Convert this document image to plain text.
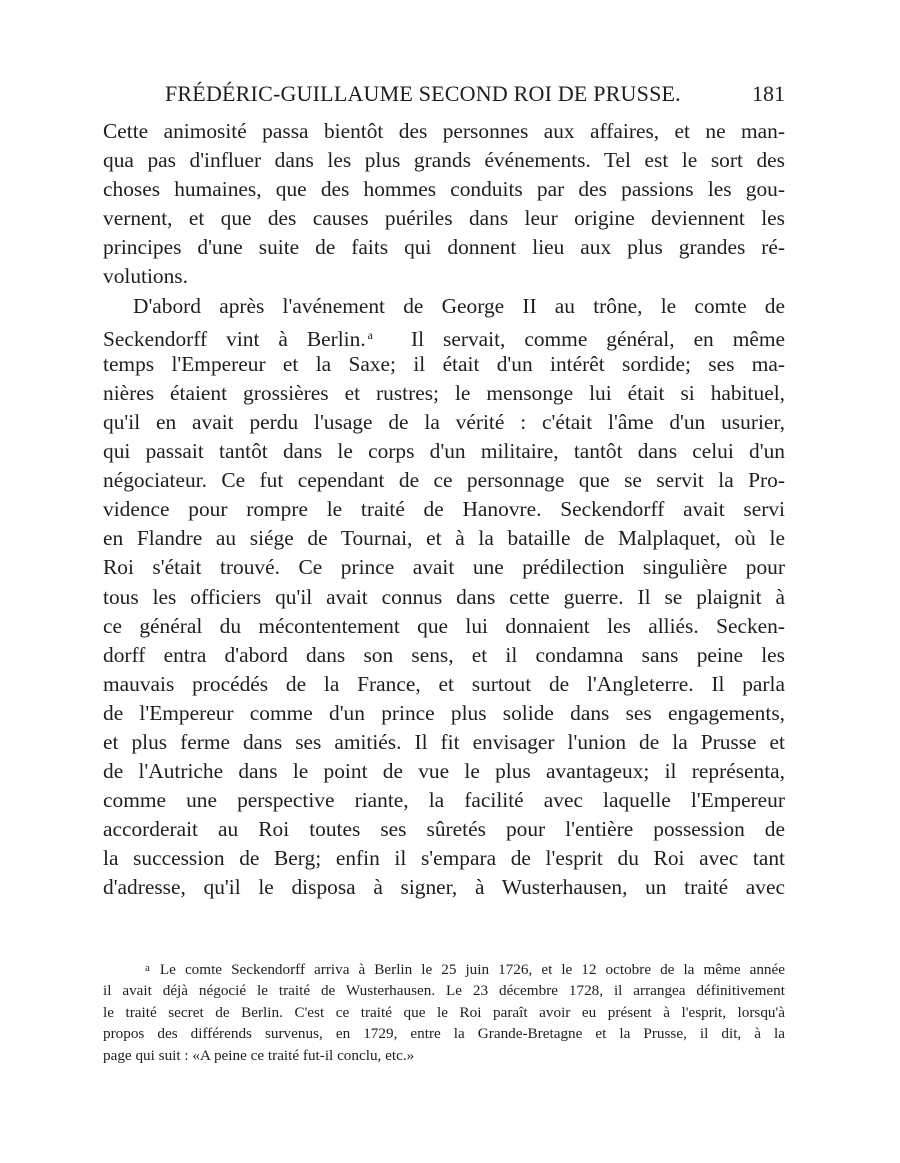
FRÉDÉRIC-GUILLAUME SECOND ROI DE PRUSSE.	181
Cette animosité passa bientôt des personnes aux affaires, et ne man-
qua pas d'influer dans les plus grands événements. Tel est le sort des
choses humaines, que des hommes conduits par des passions les gou-
vernent, et que des causes puériles dans leur origine deviennent les
principes d'une suite de faits qui donnent lieu aux plus grandes ré-
volutions.
D'abord après l'avénement de George II au trône, le comte de
Seckendorff vint à Berlin. $^a$ Il servait, comme général, en même
temps l'Empereur et la Saxe; il était d'un intérêt sordide; ses ma-
nières étaient grossières et rustres; le mensonge lui était si habituel,
qu'il en avait perdu l'usage de la vérité : c'était l'âme d'un usurier,
qui passait tantôt dans le corps d'un militaire, tantôt dans celui d'un
négociateur. Ce fut cependant de ce personnage que se servit la Pro-
vidence pour rompre le traité de Hanovre. Seckendorff avait servi
en Flandre au siége de Tournai, et à la bataille de Malplaquet, où le
Roi s'était trouvé. Ce prince avait une prédilection singulière pour
tous les officiers qu'il avait connus dans cette guerre. Il se plaignit à
ce général du mécontentement que lui donnaient les alliés. Secken-
dorff entra d'abord dans son sens, et il condamna sans peine les
mauvais procédés de la France, et surtout de l'Angleterre. Il parla
de l'Empereur comme d'un prince plus solide dans ses engagements,
et plus ferme dans ses amitiés. Il fit envisager l'union de la Prusse et
de l'Autriche dans le point de vue le plus avantageux; il représenta,
comme une perspective riante, la facilité avec laquelle l'Empereur
accorderait au Roi toutes ses sûretés pour l'entière possession de
la succession de Berg; enfin il s'empara de l'esprit du Roi avec tant
d'adresse, qu'il le disposa à signer, à Wusterhausen, un traité avec
a Le comte Seckendorff arriva à Berlin le 25 juin 1726, et le 12 octobre de la même année
il avait déjà négocié le traité de Wusterhausen. Le 23 décembre 1728, il arrangea définitivement
le traité secret de Berlin. C'est ce traité que le Roi paraît avoir eu présent à l'esprit, lorsqu'à
propos des différends survenus, en 1729, entre la Grande-Bretagne et la Prusse, il dit, à la
page qui suit : «A peine ce traité fut-il conclu, etc.»
